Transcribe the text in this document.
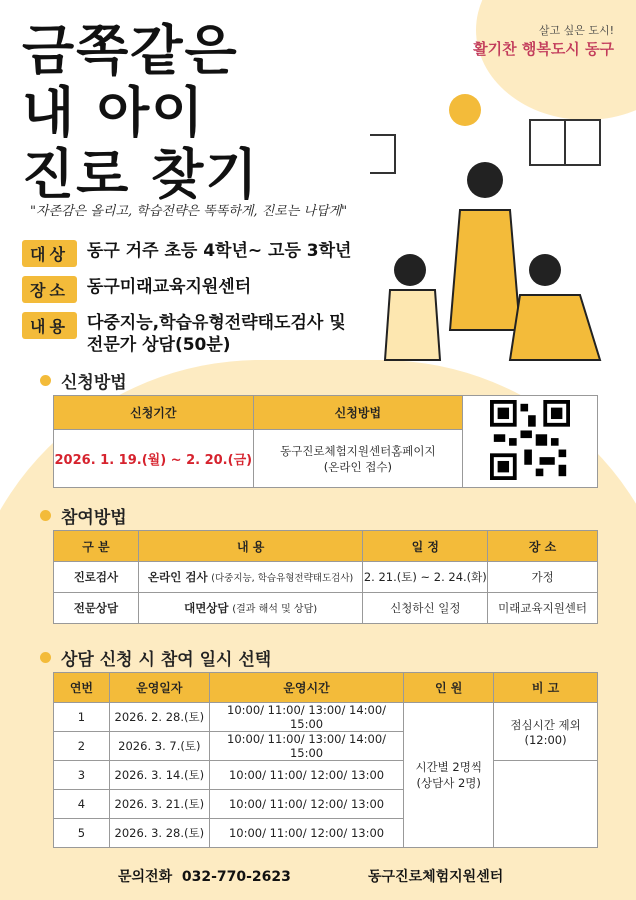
금쪽같은
내 아이
진로 찾기
살고 싶은 도시!
활기찬 행복도시 동구
"자존감은 올리고, 학습전략은 똑똑하게, 진로는 나답게"
대상	동구 거주 초등 4학년~ 고등 3학년
장소	동구미래교육지원센터
내용	다중지능,학습유형전략태도검사 및
전문가 상담(50분)
신청방법
신청기간	신청방법	
2026. 1. 19.(월) ~ 2. 20.(금)	동구진로체험지원센터홈페이지
(온라인 접수)	
참여방법
구 분	내 용	일 정	장 소
진로검사	온라인 검사 (다중지능, 학습유형전략태도검사)	2. 21.(토) ~ 2. 24.(화)	가정
전문상담	대면상담 (결과 해석 및 상담)	신청하신 일정	미래교육지원센터
상담 신청 시 참여 일시 선택
연번	운영일자	운영시간	인 원	비 고
1	2026. 2. 28.(토)	10:00/ 11:00/ 13:00/ 14:00/ 15:00	시간별 2명씩
(상담사 2명)	점심시간 제외
(12:00)
2	2026. 3. 7.(토)	10:00/ 11:00/ 13:00/ 14:00/ 15:00		
3	2026. 3. 14.(토)	10:00/ 11:00/ 12:00/ 13:00		
4	2026. 3. 21.(토)	10:00/ 11:00/ 12:00/ 13:00		
5	2026. 3. 28.(토)	10:00/ 11:00/ 12:00/ 13:00		
문의전화 032-770-2623	동구진로체험지원센터
